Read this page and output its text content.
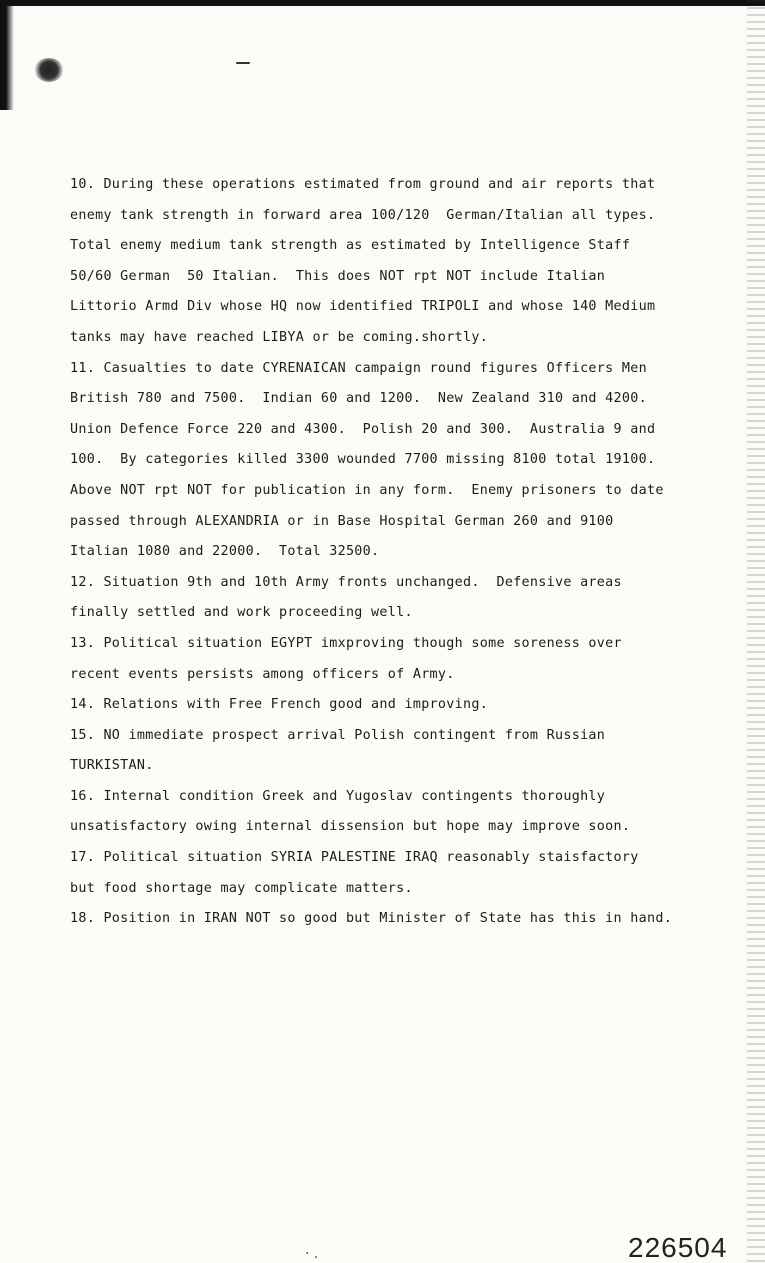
10. During these operations estimated from ground and air reports that
enemy tank strength in forward area 100/120  German/Italian all types.
Total enemy medium tank strength as estimated by Intelligence Staff
50/60 German  50 Italian.  This does NOT rpt NOT include Italian
Littorio Armd Div whose HQ now identified TRIPOLI and whose 140 Medium
tanks may have reached LIBYA or be coming.shortly.
11. Casualties to date CYRENAICAN campaign round figures Officers Men
British 780 and 7500.  Indian 60 and 1200.  New Zealand 310 and 4200.
Union Defence Force 220 and 4300.  Polish 20 and 300.  Australia 9 and
100.  By categories killed 3300 wounded 7700 missing 8100 total 19100.
Above NOT rpt NOT for publication in any form.  Enemy prisoners to date
passed through ALEXANDRIA or in Base Hospital German 260 and 9100
Italian 1080 and 22000.  Total 32500.
12. Situation 9th and 10th Army fronts unchanged.  Defensive areas
finally settled and work proceeding well.
13. Political situation EGYPT imxproving though some soreness over
recent events persists among officers of Army.
14. Relations with Free French good and improving.
15. NO immediate prospect arrival Polish contingent from Russian
TURKISTAN.
16. Internal condition Greek and Yugoslav contingents thoroughly
unsatisfactory owing internal dissension but hope may improve soon.
17. Political situation SYRIA PALESTINE IRAQ reasonably staisfactory
but food shortage may complicate matters.
18. Position in IRAN NOT so good but Minister of State has this in hand.
· .	226504
